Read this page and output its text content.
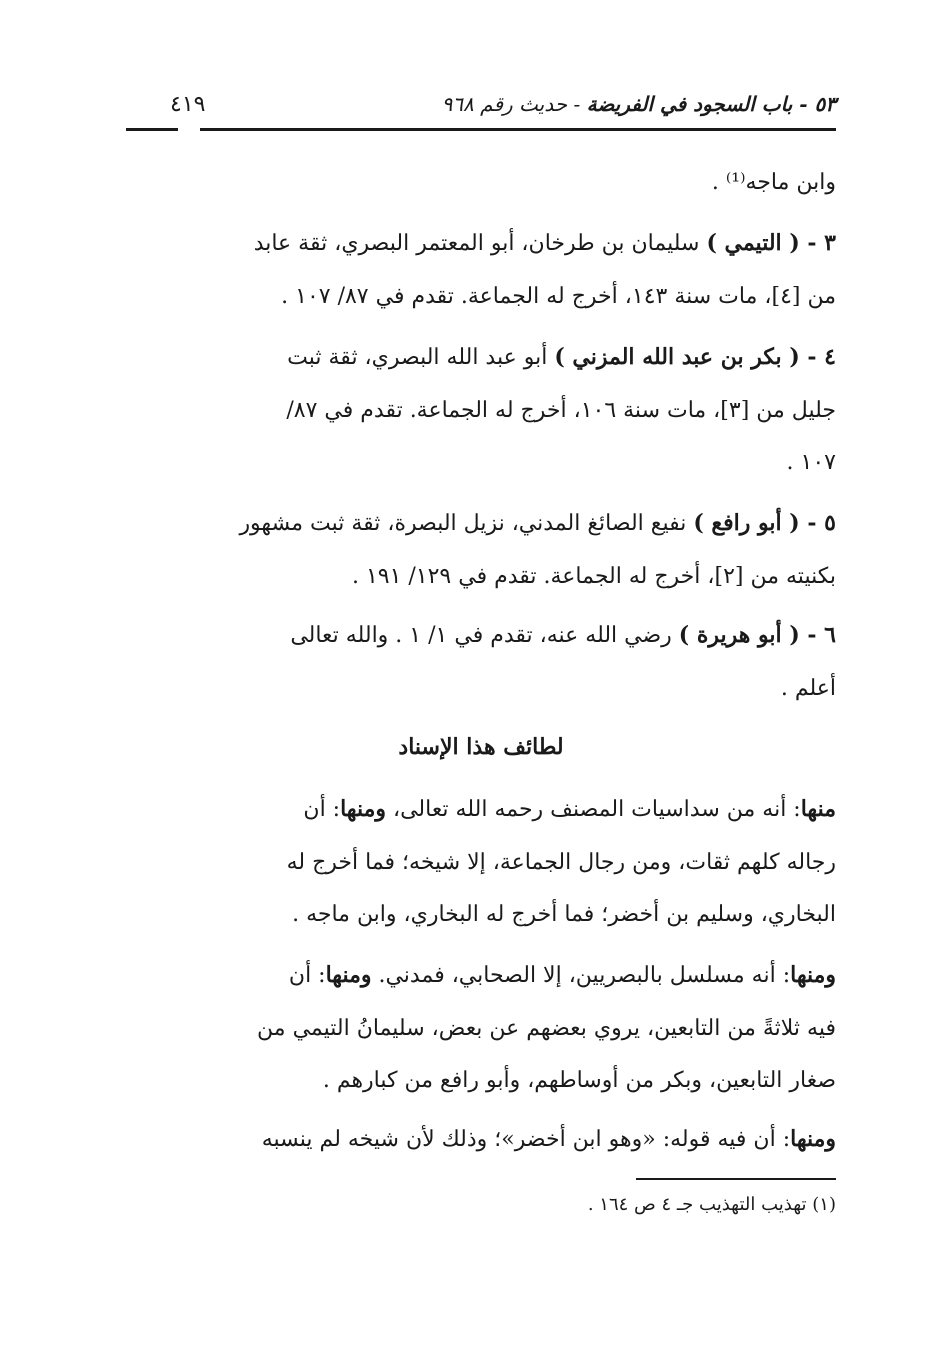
٥٣ - باب السجود في الفريضة - حديث رقم ٩٦٨
٤١٩
وابن ماجه⁽¹⁾ .
٣ - ( التيمي ) سليمان بن طرخان، أبو المعتمر البصري، ثقة عابد
من [٤]، مات سنة ١٤٣، أخرج له الجماعة. تقدم في ٨٧/ ١٠٧ .
٤ - ( بكر بن عبد الله المزني ) أبو عبد الله البصري، ثقة ثبت
جليل من [٣]، مات سنة ١٠٦، أخرج له الجماعة. تقدم في ٨٧/
١٠٧ .
٥ - ( أبو رافع ) نفيع الصائغ المدني، نزيل البصرة، ثقة ثبت مشهور
بكنيته من [٢]، أخرج له الجماعة. تقدم في ١٢٩/ ١٩١ .
٦ - ( أبو هريرة ) رضي الله عنه، تقدم في ١/ ١ . والله تعالى
أعلم .
لطائف هذا الإسناد
منها: أنه من سداسيات المصنف رحمه الله تعالى، ومنها: أن
رجاله كلهم ثقات، ومن رجال الجماعة، إلا شيخه؛ فما أخرج له
البخاري، وسليم بن أخضر؛ فما أخرج له البخاري، وابن ماجه .
ومنها: أنه مسلسل بالبصريين، إلا الصحابي، فمدني. ومنها: أن
فيه ثلاثةً من التابعين، يروي بعضهم عن بعض، سليمانُ التيمي من
صغار التابعين، وبكر من أوساطهم، وأبو رافع من كبارهم .
ومنها: أن فيه قوله: «وهو ابن أخضر»؛ وذلك لأن شيخه لم ينسبه
(١) تهذيب التهذيب جـ ٤ ص ١٦٤ .
